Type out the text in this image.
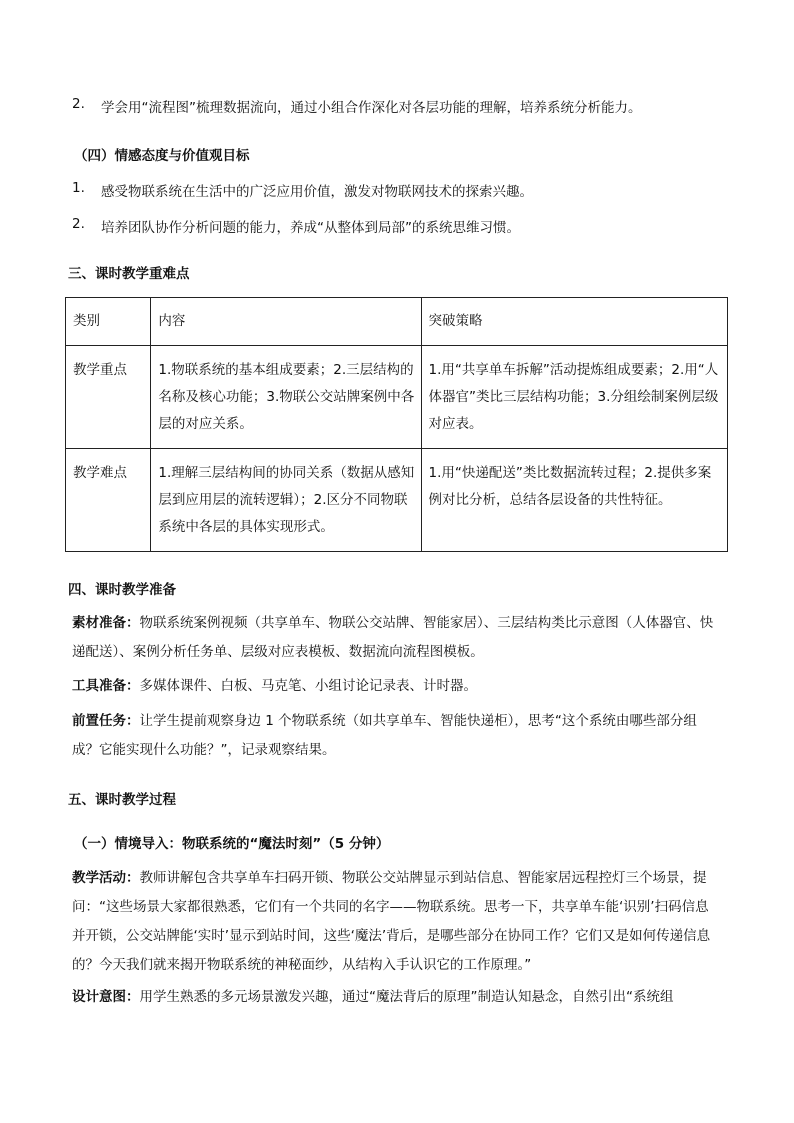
2. 学会用“流程图”梳理数据流向，通过小组合作深化对各层功能的理解，培养系统分析能力。
（四）情感态度与价值观目标
1. 感受物联系统在生活中的广泛应用价值，激发对物联网技术的探索兴趣。
2. 培养团队协作分析问题的能力，养成“从整体到局部”的系统思维习惯。
三、课时教学重难点
类别	内容	突破策略
教学重点	1.物联系统的基本组成要素；2.三层结构的名称及核心功能；3.物联公交站牌案例中各层的对应关系。	1.用“共享单车拆解”活动提炼组成要素；2.用“人体器官”类比三层结构功能；3.分组绘制案例层级对应表。
教学难点	1.理解三层结构间的协同关系（数据从感知层到应用层的流转逻辑）；2.区分不同物联系统中各层的具体实现形式。	1.用“快递配送”类比数据流转过程；2.提供多案例对比分析，总结各层设备的共性特征。
四、课时教学准备
素材准备：物联系统案例视频（共享单车、物联公交站牌、智能家居）、三层结构类比示意图（人体器官、快递配送）、案例分析任务单、层级对应表模板、数据流向流程图模板。
工具准备：多媒体课件、白板、马克笔、小组讨论记录表、计时器。
前置任务：让学生提前观察身边 1 个物联系统（如共享单车、智能快递柜），思考“这个系统由哪些部分组成？它能实现什么功能？”，记录观察结果。
五、课时教学过程
（一）情境导入：物联系统的“魔法时刻”（5 分钟）
教学活动：教师讲解包含共享单车扫码开锁、物联公交站牌显示到站信息、智能家居远程控灯三个场景，提问：“这些场景大家都很熟悉，它们有一个共同的名字——物联系统。思考一下，共享单车能‘识别’扫码信息并开锁，公交站牌能‘实时’显示到站时间，这些‘魔法’背后，是哪些部分在协同工作？它们又是如何传递信息的？今天我们就来揭开物联系统的神秘面纱，从结构入手认识它的工作原理。”
设计意图：用学生熟悉的多元场景激发兴趣，通过“魔法背后的原理”制造认知悬念，自然引出“系统组
